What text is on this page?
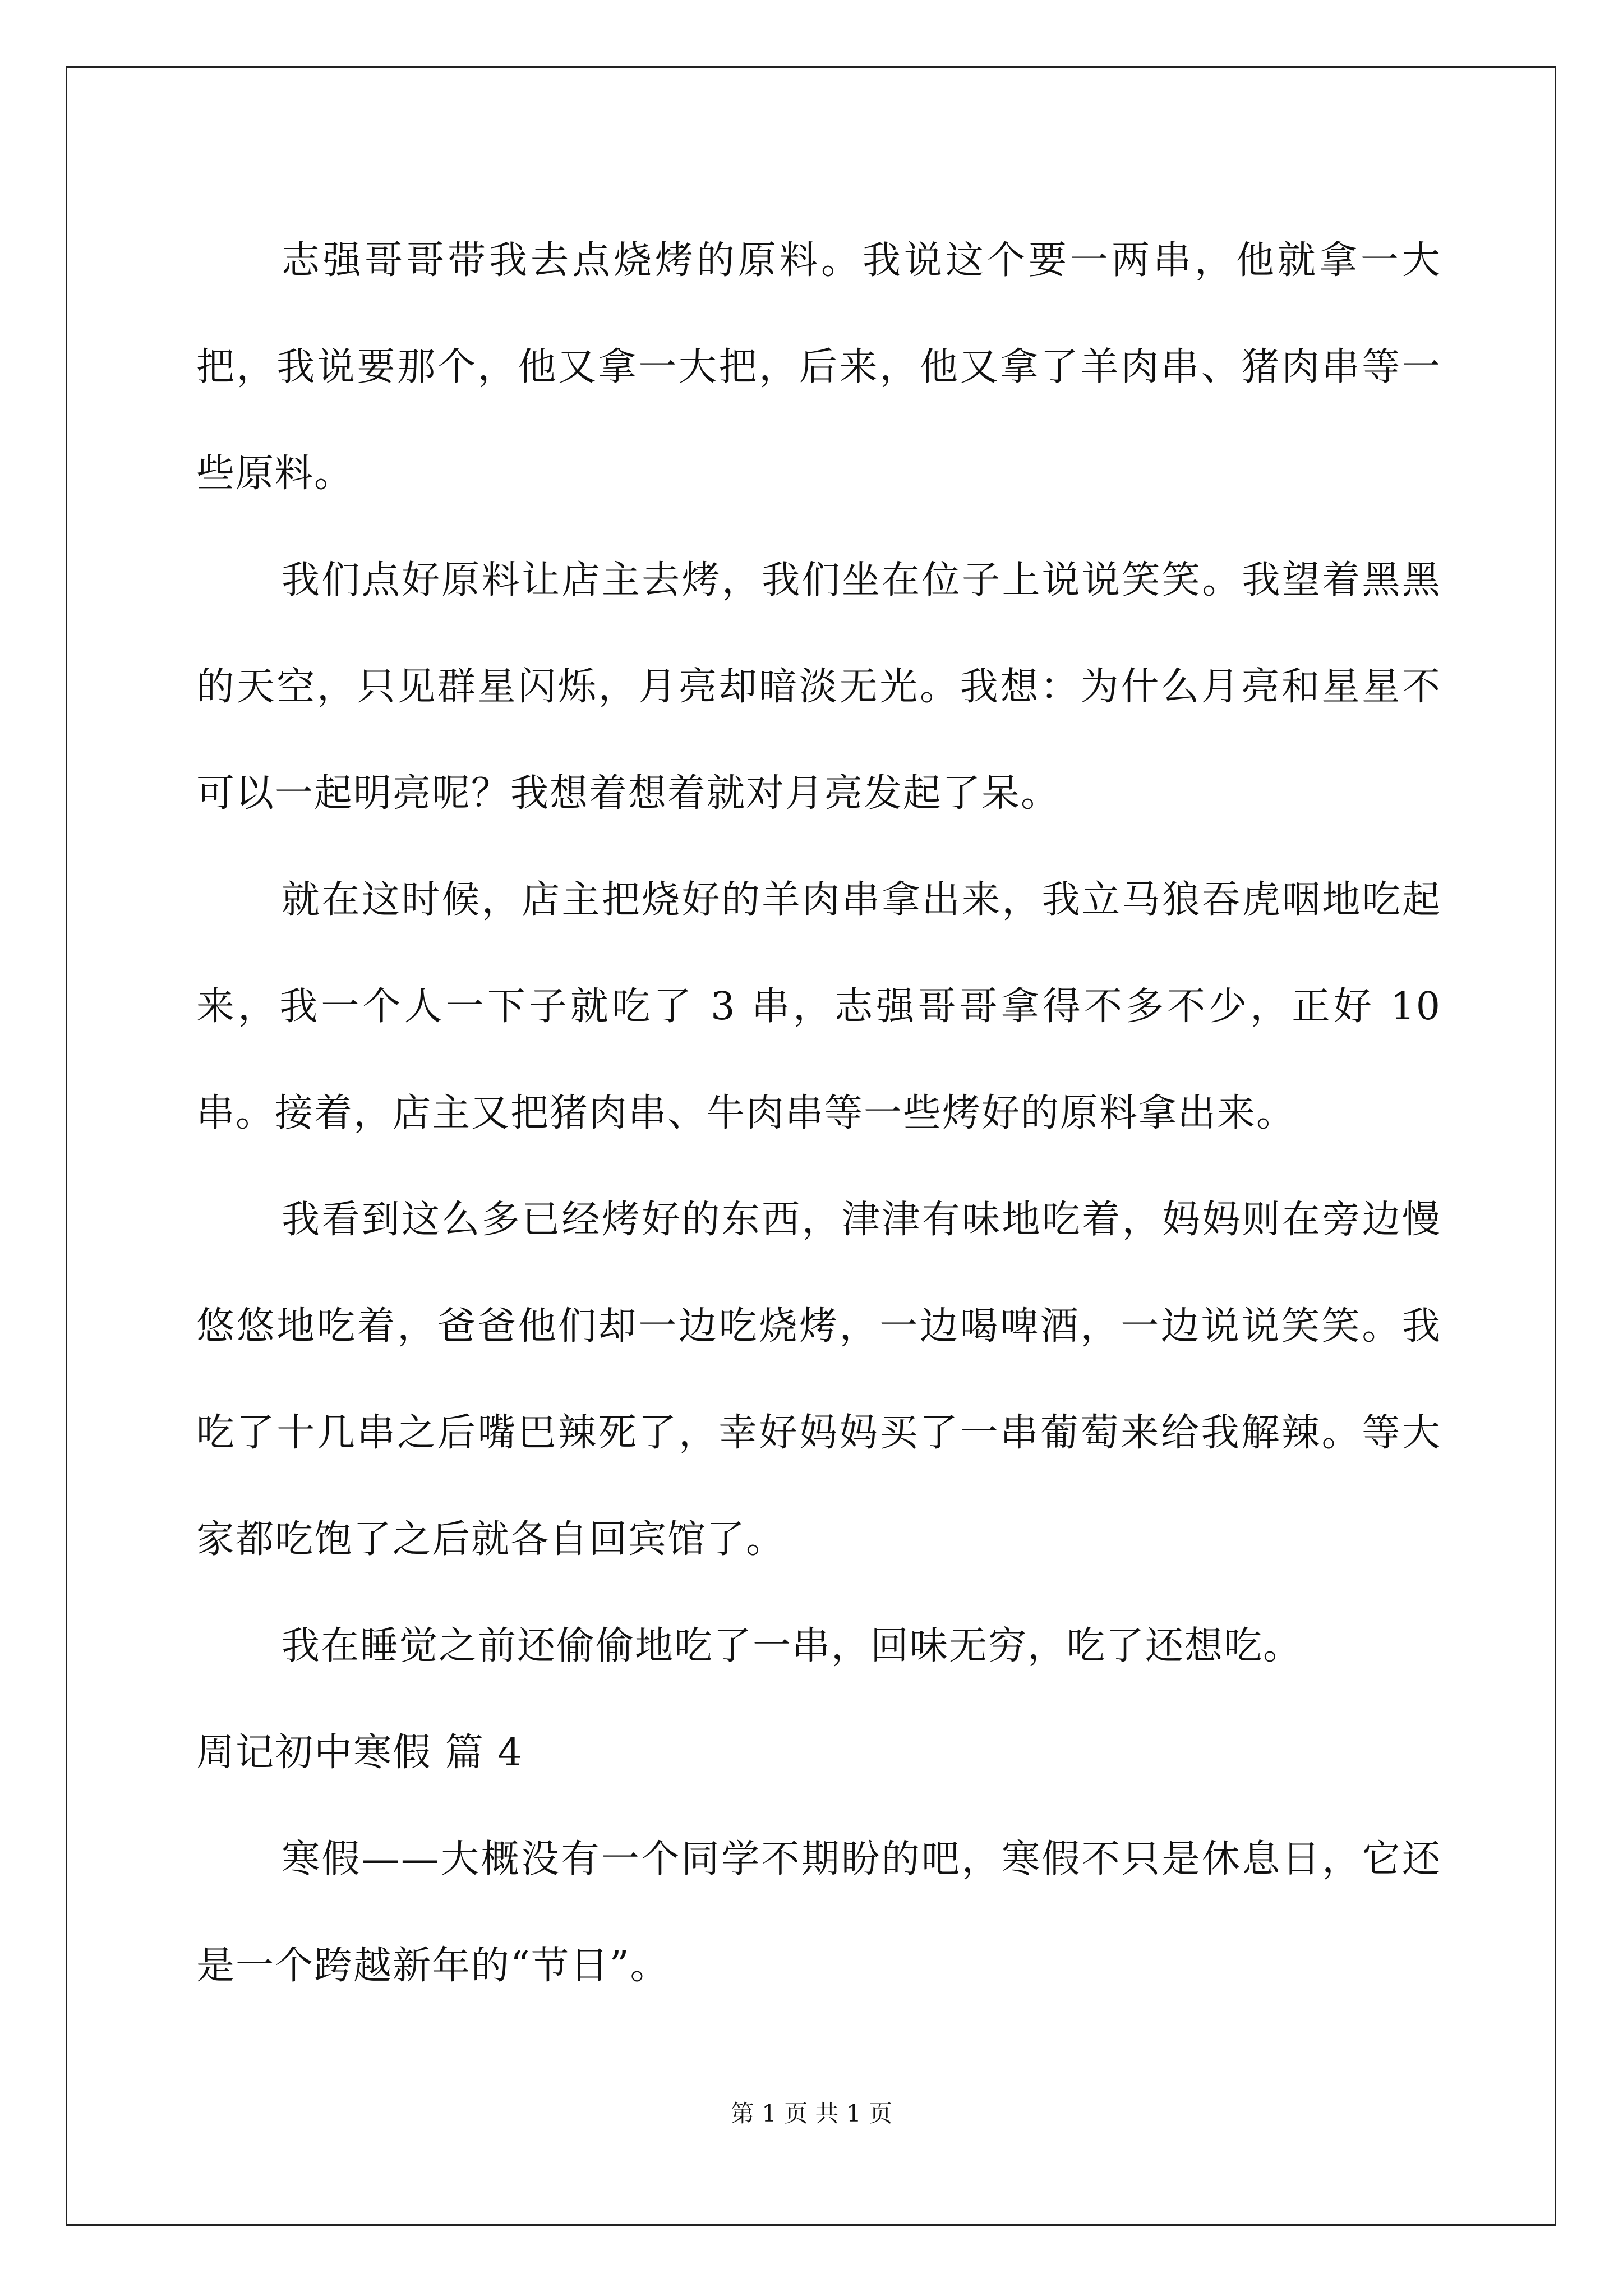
志强哥哥带我去点烧烤的原料。我说这个要一两串，他就拿一大把，我说要那个，他又拿一大把，后来，他又拿了羊肉串、猪肉串等一些原料。

我们点好原料让店主去烤，我们坐在位子上说说笑笑。我望着黑黑的天空，只见群星闪烁，月亮却暗淡无光。我想：为什么月亮和星星不可以一起明亮呢？我想着想着就对月亮发起了呆。

就在这时候，店主把烧好的羊肉串拿出来，我立马狼吞虎咽地吃起来，我一个人一下子就吃了 3 串，志强哥哥拿得不多不少，正好 10 串。接着，店主又把猪肉串、牛肉串等一些烤好的原料拿出来。

我看到这么多已经烤好的东西，津津有味地吃着，妈妈则在旁边慢悠悠地吃着，爸爸他们却一边吃烧烤，一边喝啤酒，一边说说笑笑。我吃了十几串之后嘴巴辣死了，幸好妈妈买了一串葡萄来给我解辣。等大家都吃饱了之后就各自回宾馆了。

我在睡觉之前还偷偷地吃了一串，回味无穷，吃了还想吃。

周记初中寒假 篇 4

寒假——大概没有一个同学不期盼的吧，寒假不只是休息日，它还是一个跨越新年的“节日”。

第 1 页 共 1 页
